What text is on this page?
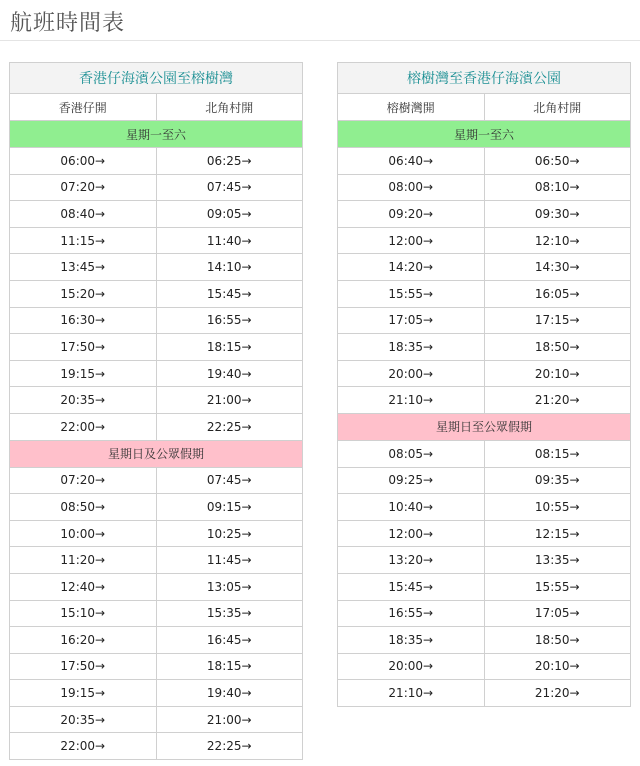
航班時間表
香港仔海濱公園至榕樹灣	
香港仔開	北角村開
星期一至六	
06:00→	06:25→
07:20→	07:45→
08:40→	09:05→
11:15→	11:40→
13:45→	14:10→
15:20→	15:45→
16:30→	16:55→
17:50→	18:15→
19:15→	19:40→
20:35→	21:00→
22:00→	22:25→
星期日及公眾假期	
07:20→	07:45→
08:50→	09:15→
10:00→	10:25→
11:20→	11:45→
12:40→	13:05→
15:10→	15:35→
16:20→	16:45→
17:50→	18:15→
19:15→	19:40→
20:35→	21:00→
22:00→	22:25→
榕樹灣至香港仔海濱公園	
榕樹灣開	北角村開
星期一至六	
06:40→	06:50→
08:00→	08:10→
09:20→	09:30→
12:00→	12:10→
14:20→	14:30→
15:55→	16:05→
17:05→	17:15→
18:35→	18:50→
20:00→	20:10→
21:10→	21:20→
星期日至公眾假期	
08:05→	08:15→
09:25→	09:35→
10:40→	10:55→
12:00→	12:15→
13:20→	13:35→
15:45→	15:55→
16:55→	17:05→
18:35→	18:50→
20:00→	20:10→
21:10→	21:20→
